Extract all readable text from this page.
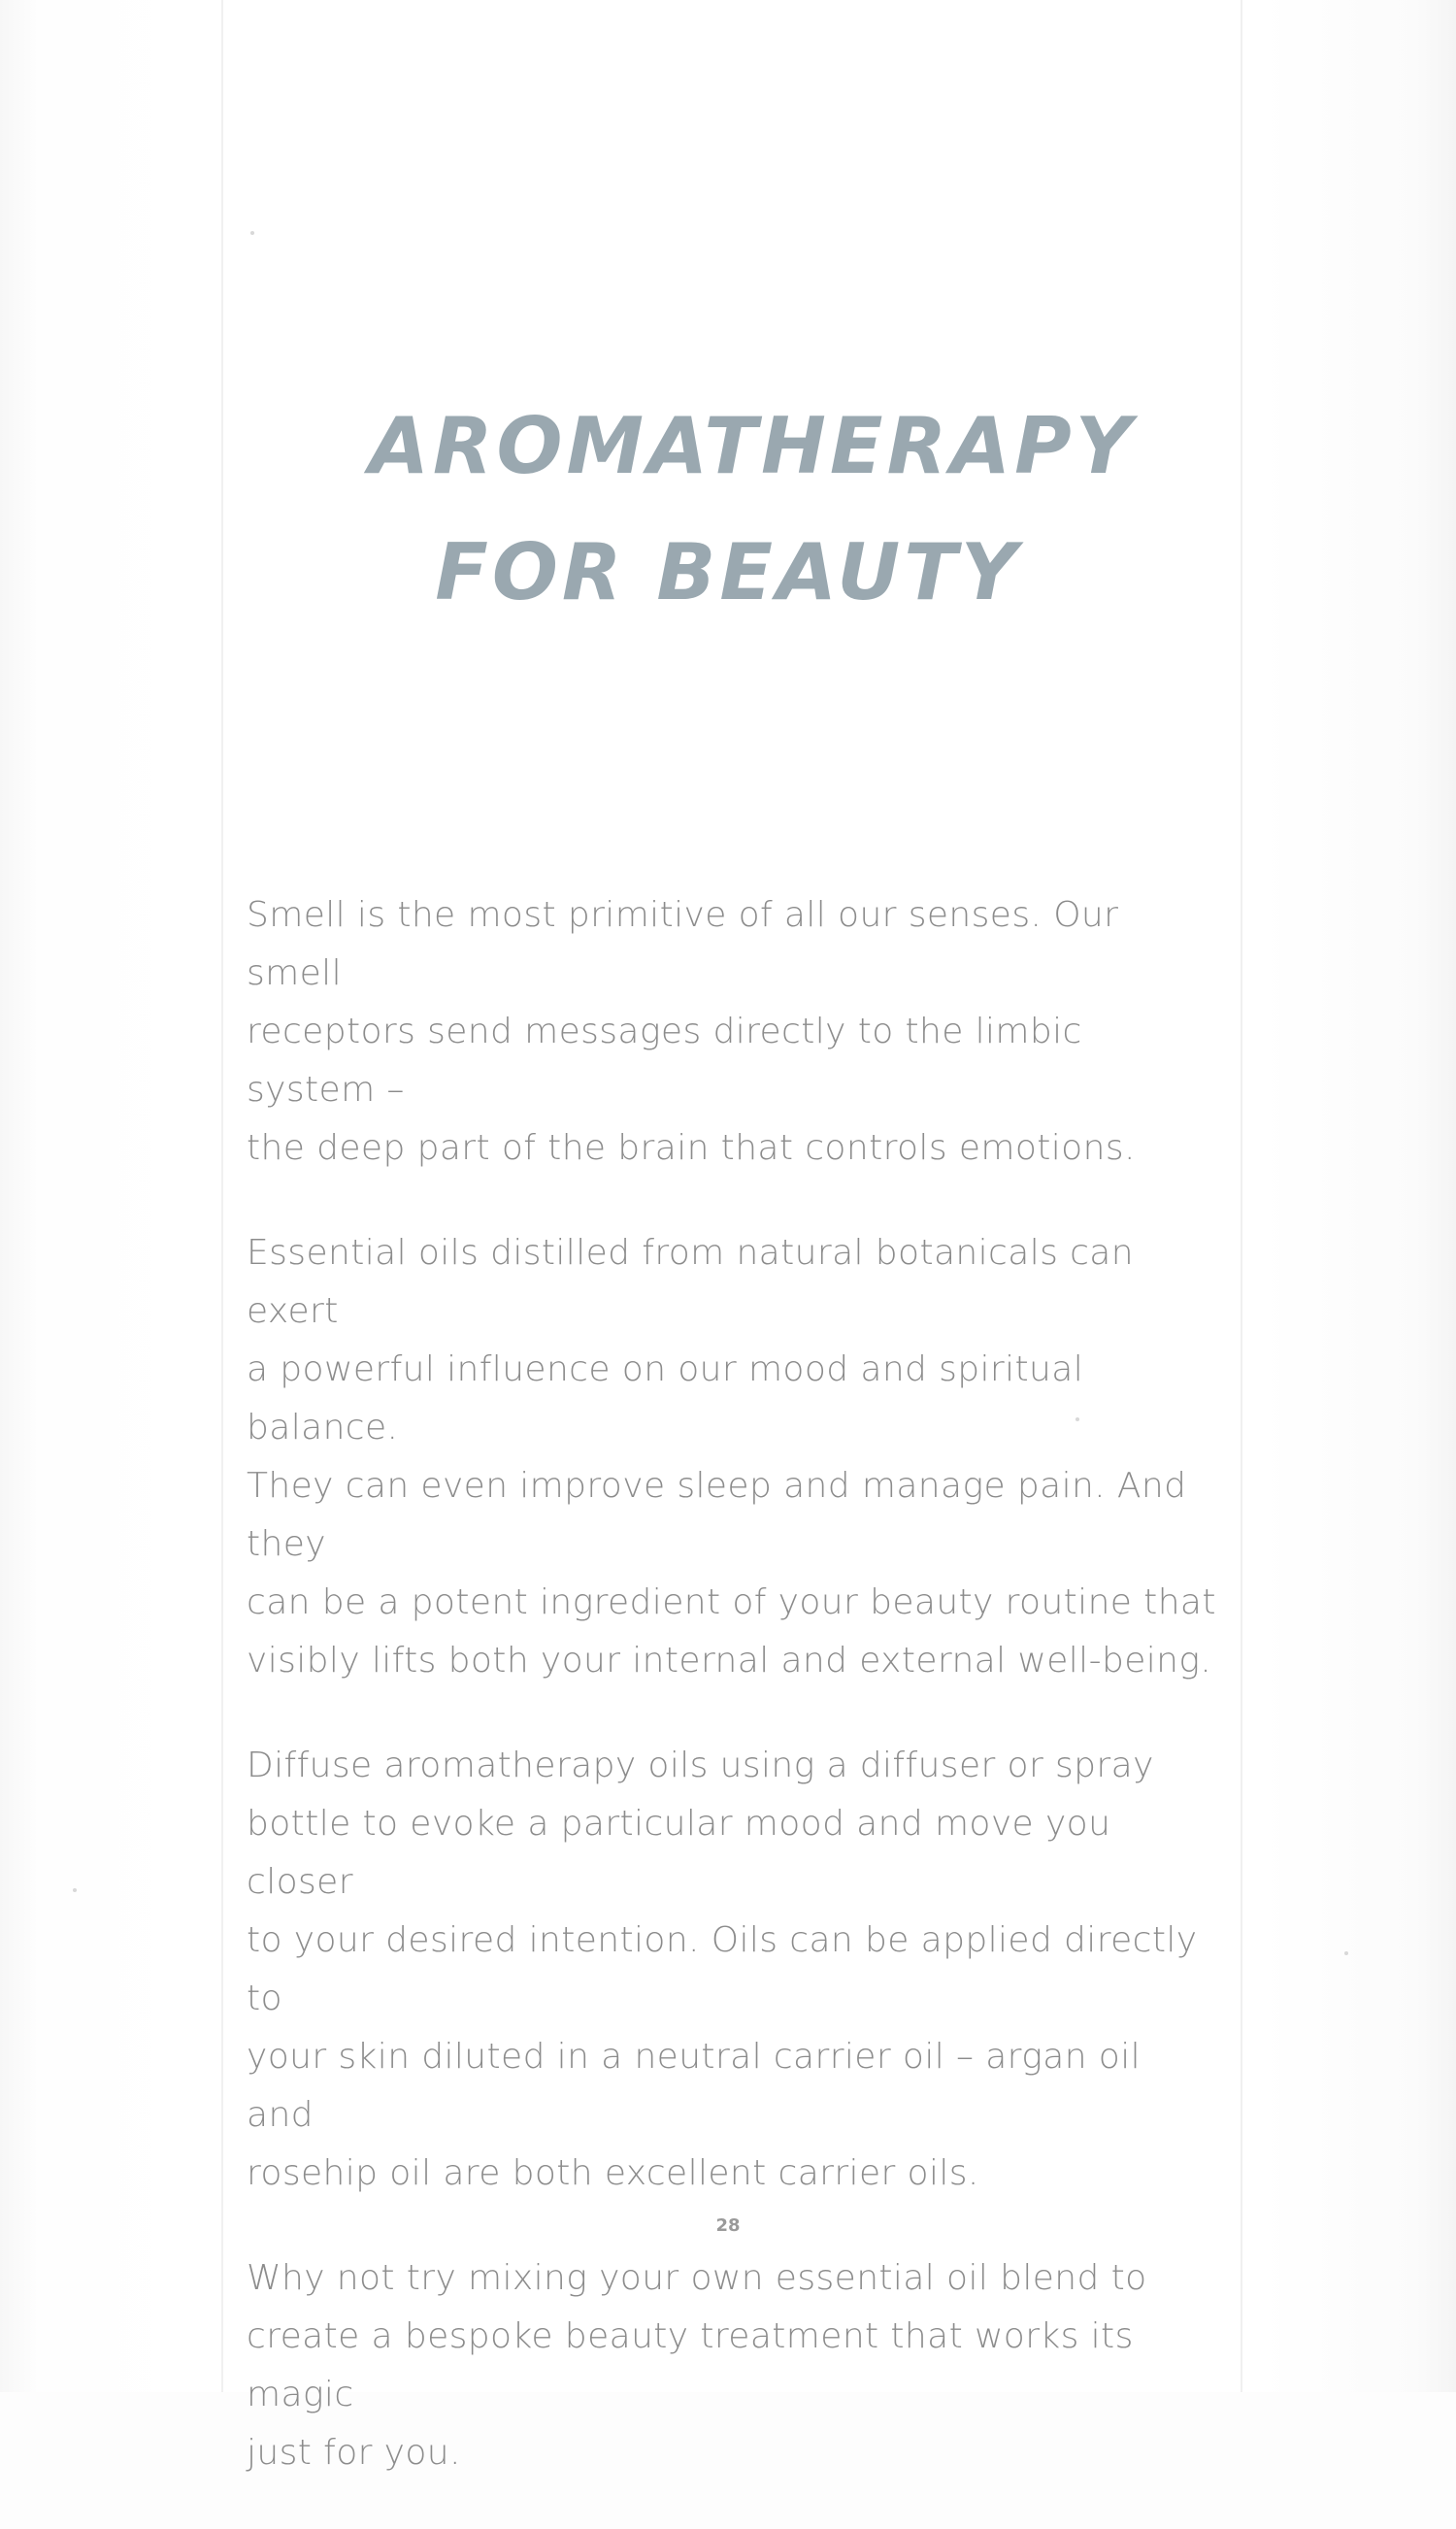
AROMATHERAPY
FOR BEAUTY

Smell is the most primitive of all our senses. Our smell
receptors send messages directly to the limbic system –
the deep part of the brain that controls emotions.

Essential oils distilled from natural botanicals can exert
a powerful influence on our mood and spiritual balance.
They can even improve sleep and manage pain. And they
can be a potent ingredient of your beauty routine that
visibly lifts both your internal and external well-being.

Diffuse aromatherapy oils using a diffuser or spray
bottle to evoke a particular mood and move you closer
to your desired intention. Oils can be applied directly to
your skin diluted in a neutral carrier oil – argan oil and
rosehip oil are both excellent carrier oils.

Why not try mixing your own essential oil blend to
create a bespoke beauty treatment that works its magic
just for you.

28
